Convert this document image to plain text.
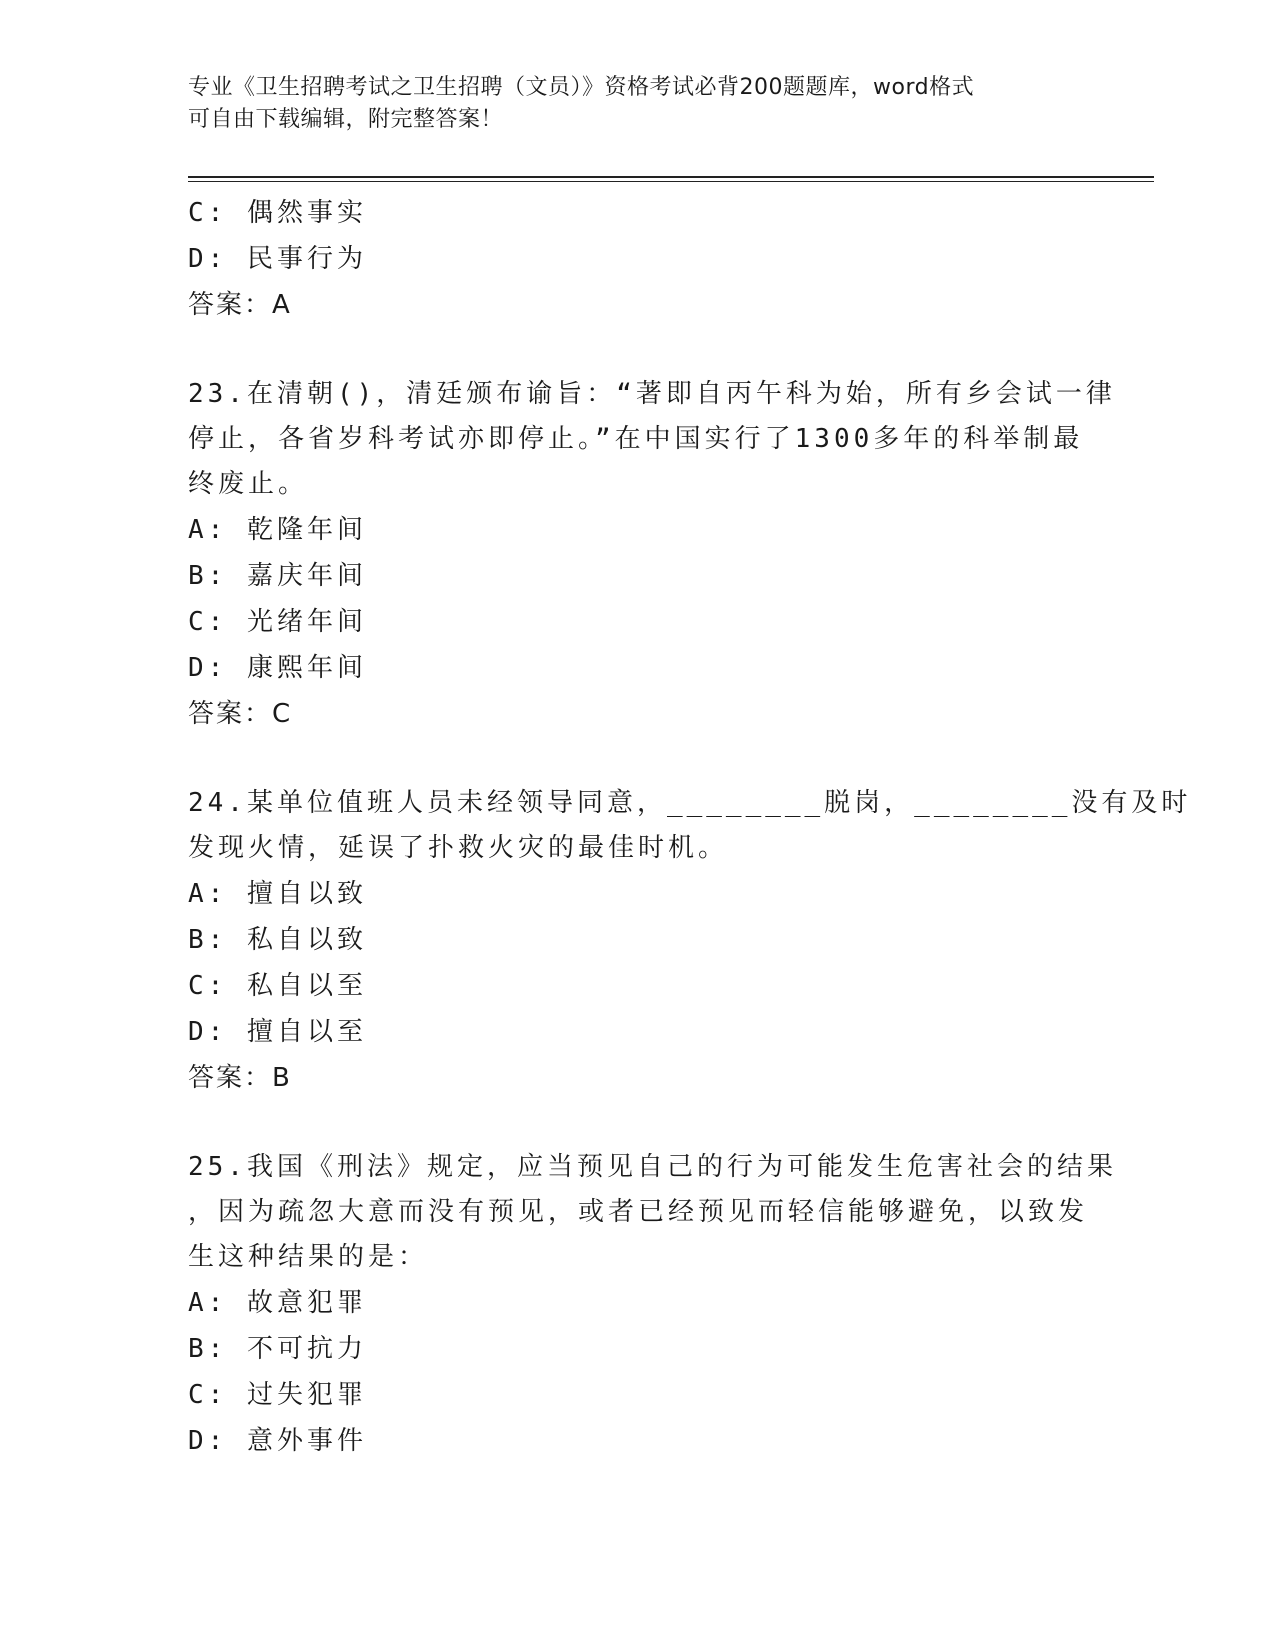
专业《卫生招聘考试之卫生招聘（文员）》资格考试必背200题题库，word格式
可自由下载编辑，附完整答案！
C: 偶然事实
D: 民事行为
答案：A
23.在清朝()，清廷颁布谕旨：“著即自丙午科为始，所有乡会试一律
停止，各省岁科考试亦即停止。”在中国实行了1300多年的科举制最
终废止。
A: 乾隆年间
B: 嘉庆年间
C: 光绪年间
D: 康熙年间
答案：C
24.某单位值班人员未经领导同意，________脱岗，________没有及时
发现火情，延误了扑救火灾的最佳时机。
A: 擅自以致
B: 私自以致
C: 私自以至
D: 擅自以至
答案：B
25.我国《刑法》规定，应当预见自己的行为可能发生危害社会的结果
，因为疏忽大意而没有预见，或者已经预见而轻信能够避免，以致发
生这种结果的是：
A: 故意犯罪
B: 不可抗力
C: 过失犯罪
D: 意外事件
